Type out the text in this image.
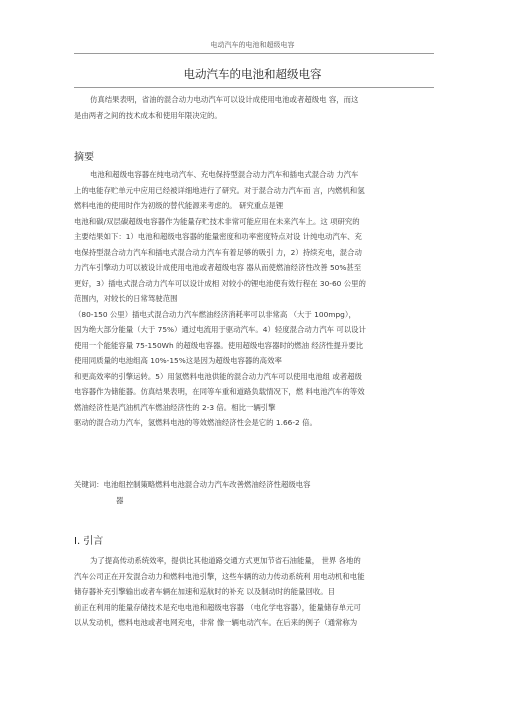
电动汽车的电池和超级电容
电动汽车的电池和超级电容
仿真结果表明，省油的混合动力电动汽车可以设计成使用电池或者超级电 容，而这
是由两者之间的技术成本和使用年限决定的。
摘要
电池和超级电容器在纯电动汽车、充电保持型混合动力汽车和插电式混合动 力汽车
上的电能存贮单元中应用已经被详细地进行了研究。对于混合动力汽车而 言，内燃机和氢
燃料电池的使用时作为初级的替代能源来考虑的。 研究重点是锂
电池和碳/双层碳超级电容器作为能量存贮技术非常可能应用在未来汽车上。这 项研究的
主要结果如下：1）电池和超级电容器的能量密度和功率密度特点对设 计纯电动汽车、充
电保持型混合动力汽车和插电式混合动力汽车有着足够的吸引 力，2）持续充电，混合动
力汽车引擎动力可以被设计成使用电池或者超级电容 器从而使燃油经济性改善 50%甚至
更好，3）插电式混合动力汽车可以设计成相 对较小的锂电池使有效行程在 30-60 公里的
范围内，对较长的日常驾驶范围
（80-150 公里）插电式混合动力汽车燃油经济消耗率可以非常高 （大于 100mpg），
因为绝大部分能量（大于 75%）通过电流用于驱动汽车。4）轻度混合动力汽车 可以设计
使用一个能能容量 75-150Wh 的超级电容器。使用超级电容器时的燃油 经济性提升要比
使用同质量的电池组高 10%-15%这是因为超级电容器的高效率
和更高效率的引擎运转。5）用氢燃料电池供能的混合动力汽车可以使用电池组 或者超级
电容器作为储能器。仿真结果表明，在同等车重和道路负载情况下，燃 料电池汽车的等效
燃油经济性是汽油机汽车燃油经济性的 2-3 倍。相比一辆引擎
驱动的混合动力汽车，氢燃料电池的等效燃油经济性会是它的 1.66-2 倍。
关键词：电池组控制策略燃料电池混合动力汽车改善燃油经济性超级电容
器
I. 引言
为了提高传动系统效率，提供比其他道路交通方式更加节省石油能量， 世界 各地的
汽车公司正在开发混合动力和燃料电池引擎，这些车辆的动力传动系统利 用电动机和电能
储存器补充引擎输出或者车辆在加速和巡航时的补充 以及制动时的能量回收。目
前正在利用的能量存储技术是充电电池和超级电容器 （电化学电容器），能量储存单元可
以从发动机，燃料电池或者电网充电，非常 像一辆电动汽车。在后来的例子（通常称为
